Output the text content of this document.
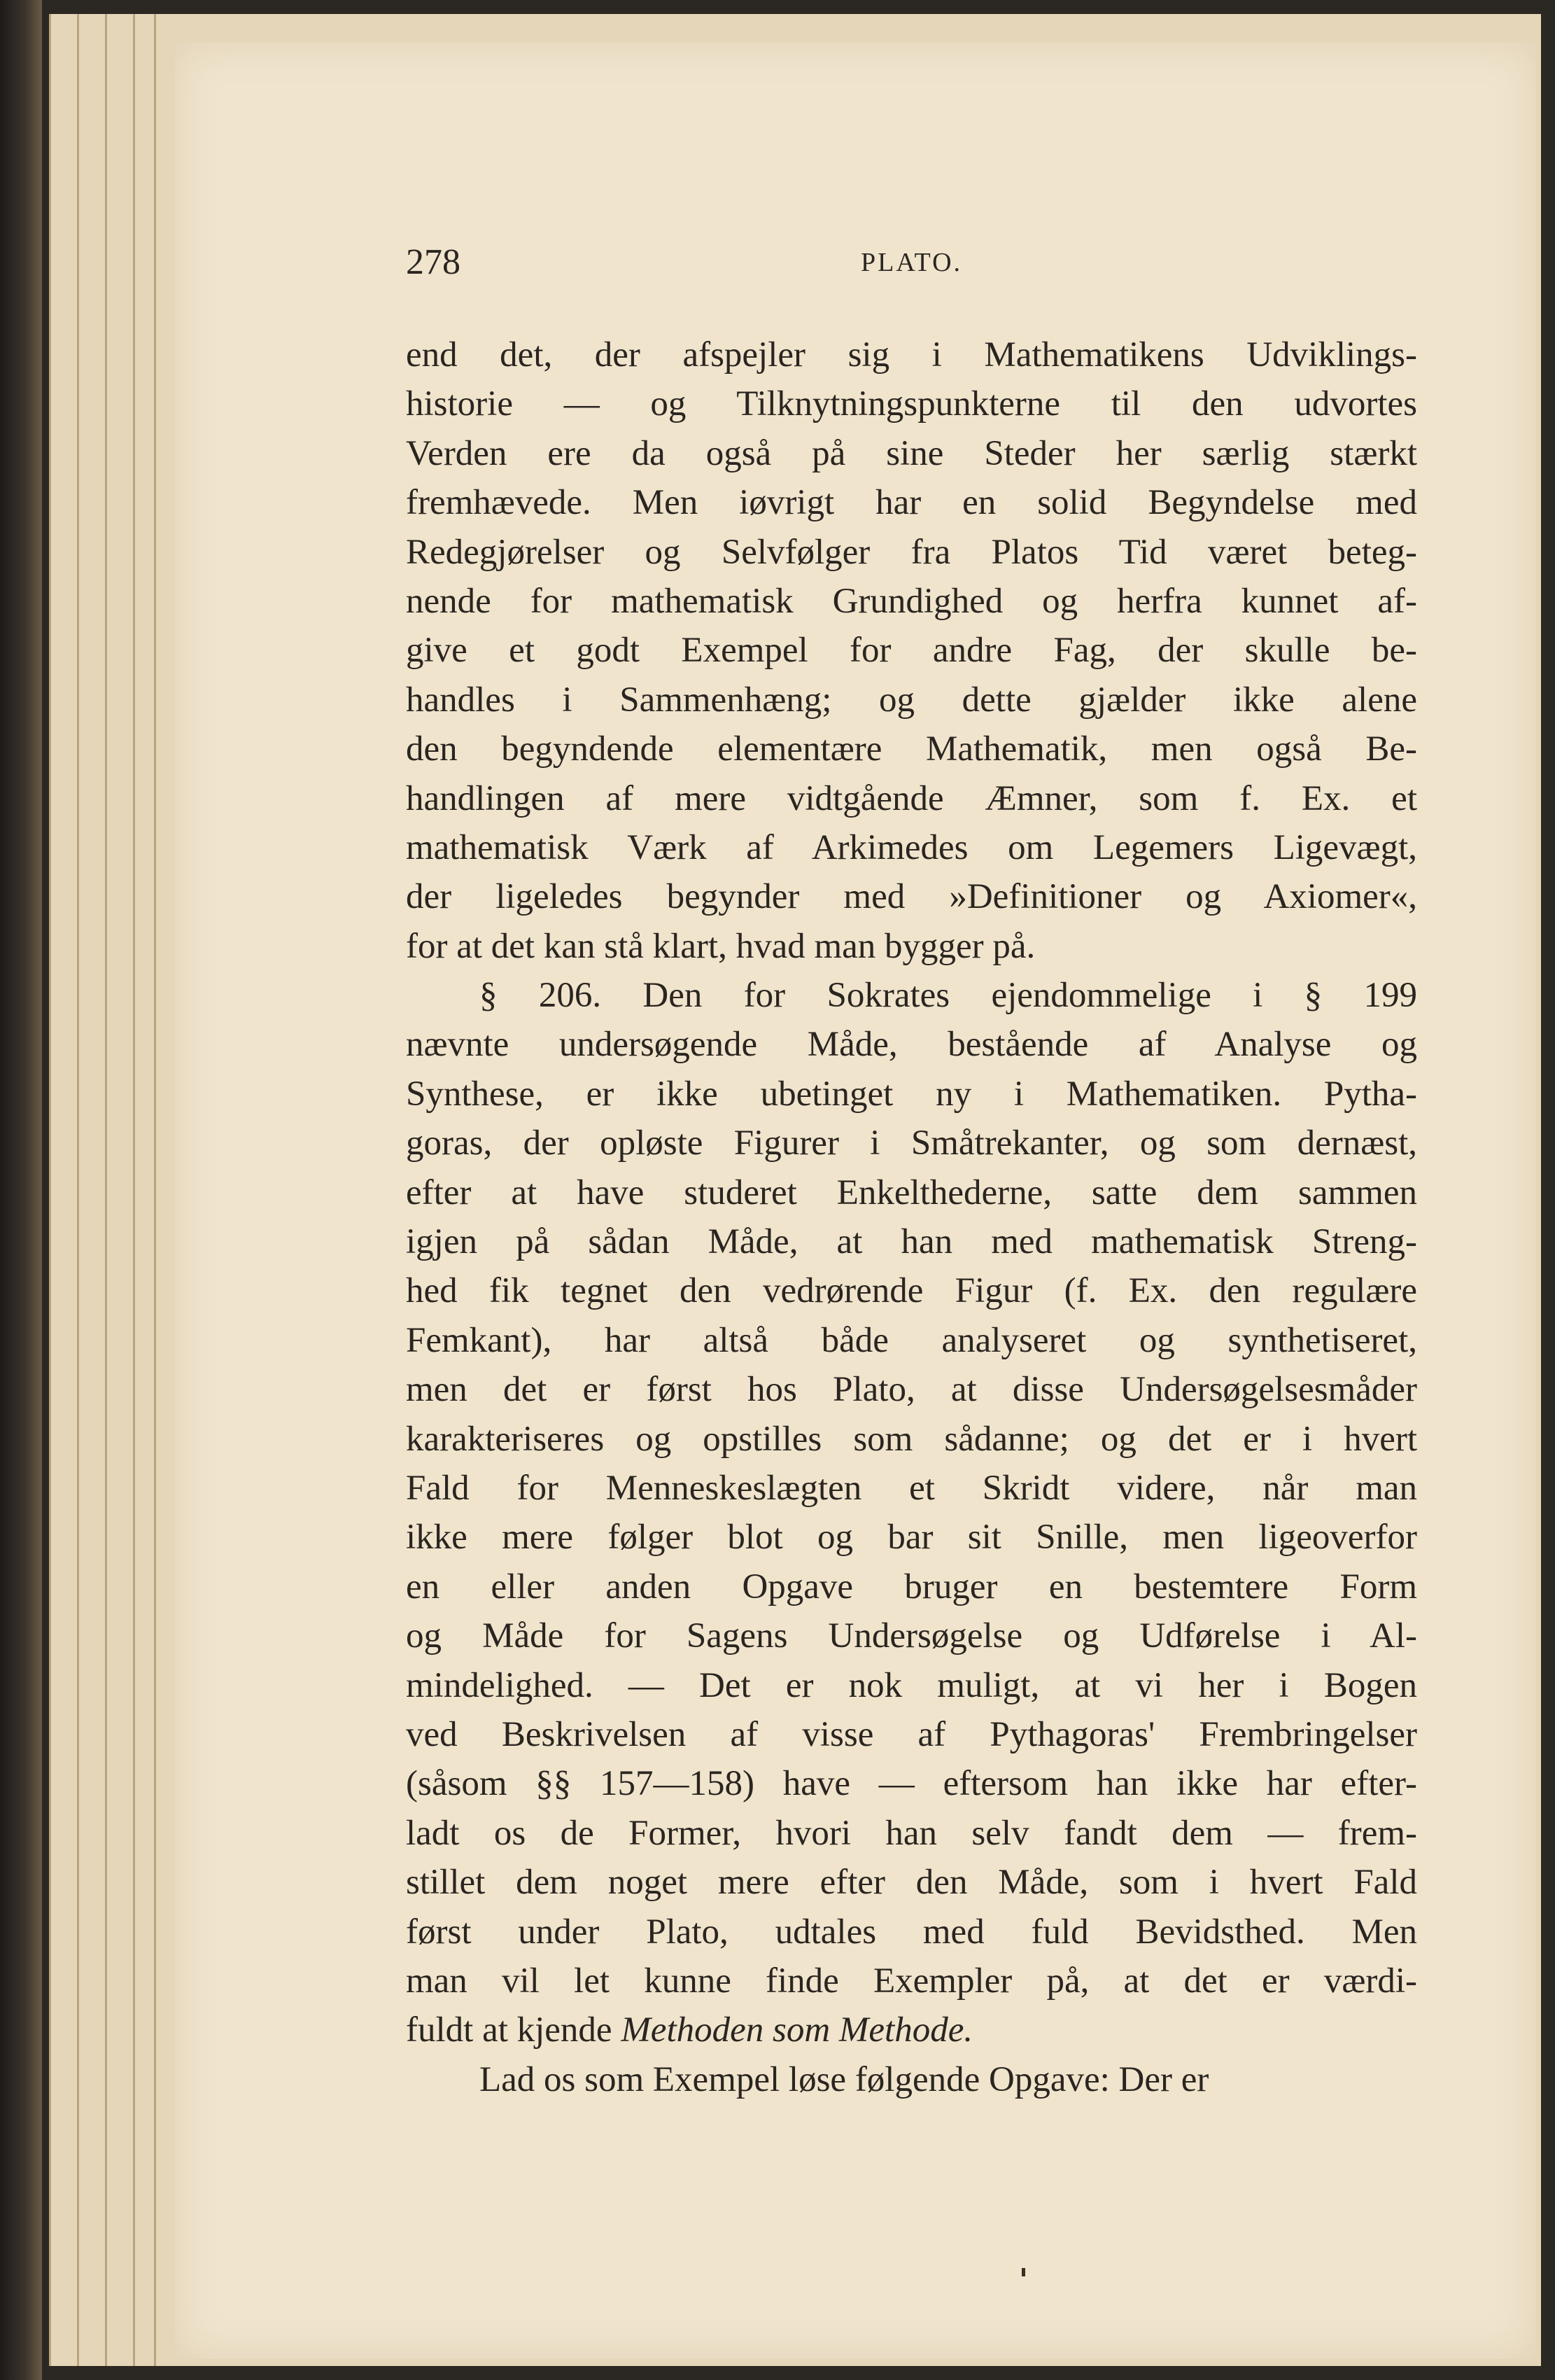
278	PLATO.
end det, der afspejler sig i Mathematikens Udviklings-
historie — og Tilknytningspunkterne til den udvortes
Verden ere da også på sine Steder her særlig stærkt
fremhævede. Men iøvrigt har en solid Begyndelse med
Redegjørelser og Selvfølger fra Platos Tid været beteg-
nende for mathematisk Grundighed og herfra kunnet af-
give et godt Exempel for andre Fag, der skulle be-
handles i Sammenhæng; og dette gjælder ikke alene
den begyndende elementære Mathematik, men også Be-
handlingen af mere vidtgående Æmner, som f. Ex. et
mathematisk Værk af Arkimedes om Legemers Ligevægt,
der ligeledes begynder med »Definitioner og Axiomer«,
for at det kan stå klart, hvad man bygger på.
§ 206. Den for Sokrates ejendommelige i § 199
nævnte undersøgende Måde, bestående af Analyse og
Synthese, er ikke ubetinget ny i Mathematiken. Pytha-
goras, der opløste Figurer i Småtrekanter, og som dernæst,
efter at have studeret Enkelthederne, satte dem sammen
igjen på sådan Måde, at han med mathematisk Streng-
hed fik tegnet den vedrørende Figur (f. Ex. den regulære
Femkant), har altså både analyseret og synthetiseret,
men det er først hos Plato, at disse Undersøgelsesmåder
karakteriseres og opstilles som sådanne; og det er i hvert
Fald for Menneskeslægten et Skridt videre, når man
ikke mere følger blot og bar sit Snille, men ligeoverfor
en eller anden Opgave bruger en bestemtere Form
og Måde for Sagens Undersøgelse og Udførelse i Al-
mindelighed. — Det er nok muligt, at vi her i Bogen
ved Beskrivelsen af visse af Pythagoras' Frembringelser
(såsom §§ 157—158) have — eftersom han ikke har efter-
ladt os de Former, hvori han selv fandt dem — frem-
stillet dem noget mere efter den Måde, som i hvert Fald
først under Plato, udtales med fuld Bevidsthed. Men
man vil let kunne finde Exempler på, at det er værdi-
fuldt at kjende Methoden som Methode.
Lad os som Exempel løse følgende Opgave: Der er
